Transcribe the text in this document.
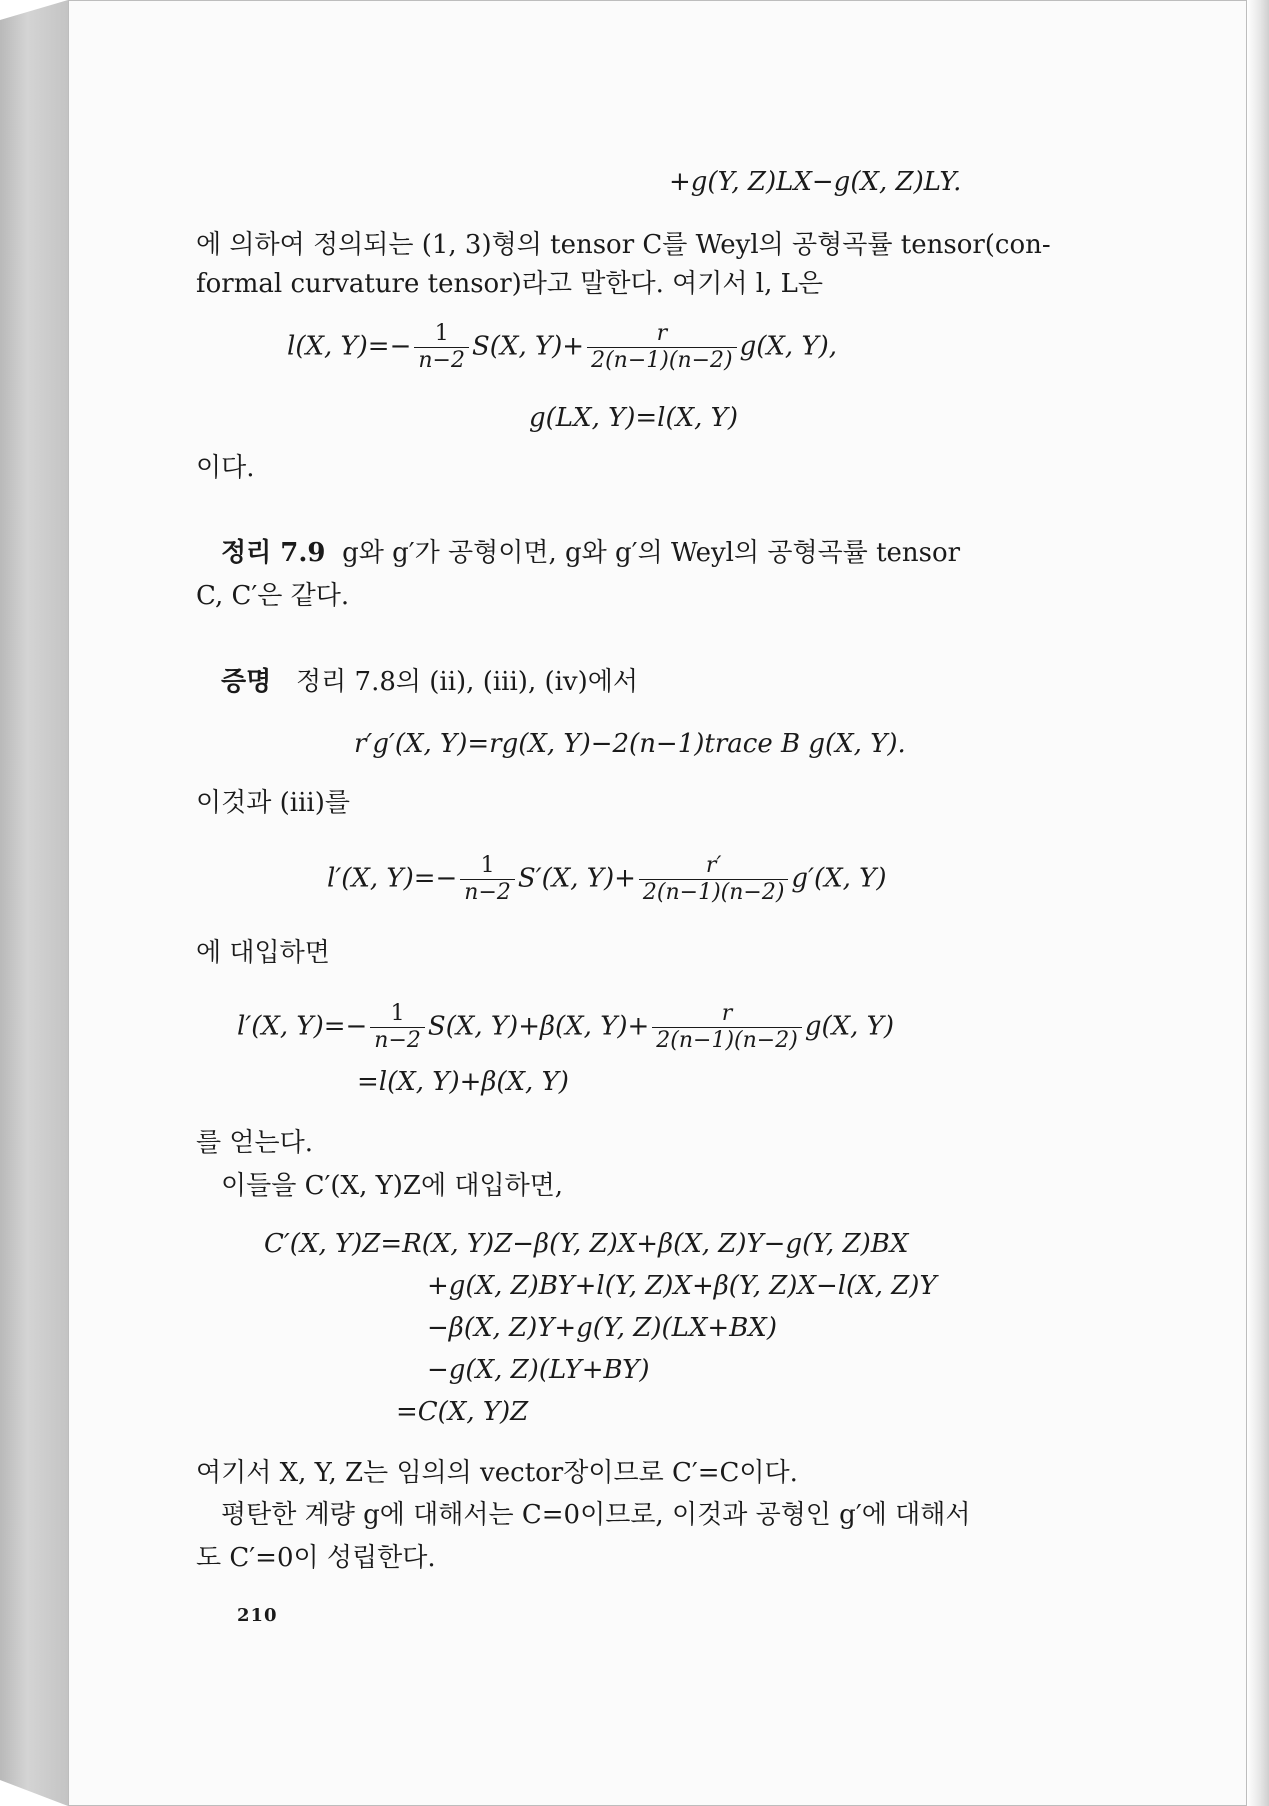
+g(Y, Z)LX−g(X, Z)LY.
에 의하여 정의되는 (1, 3)형의 tensor C를 Weyl의 공형곡률 tensor(con-
formal curvature tensor)라고 말한다. 여기서 l, L은
l(X, $Y)=- \frac{1}{n-2} S(X$, $Y)+ \frac{r}{2(n-1)(n-2)} g(X$, Y),
g(LX, Y)=l(X, Y)
이다.
정리 7.9 g와 g′가 공형이면, g와 g′의 Weyl의 공형곡률 tensor
C, C′은 같다.
증명 정리 7.8의 (ii), (iii), (iv)에서
r′g′(X, Y)=rg(X, Y)−2(n−1)trace B g(X, Y).
이것과 (iii)를
l′(X, $Y)=- \frac{1}{n-2} S'(X$, $Y)+ \frac{r'}{2(n-1)(n-2)} g'(X$, Y)
에 대입하면
l′(X, $Y)=- \frac{1}{n-2} S(X$, Y)+β(X, $Y)+ \frac{r}{2(n-1)(n-2)} g(X$, Y)
=l(X, Y)+β(X, Y)
를 얻는다.
이들을 C′(X, Y)Z에 대입하면,
C′(X, Y)Z=R(X, Y)Z−β(Y, Z)X+β(X, Z)Y−g(Y, Z)BX
+g(X, Z)BY+l(Y, Z)X+β(Y, Z)X−l(X, Z)Y
−β(X, Z)Y+g(Y, Z)(LX+BX)
−g(X, Z)(LY+BY)
=C(X, Y)Z
여기서 X, Y, Z는 임의의 vector장이므로 C′=C이다.
평탄한 계량 g에 대해서는 C=0이므로, 이것과 공형인 g′에 대해서
도 C′=0이 성립한다.
210
